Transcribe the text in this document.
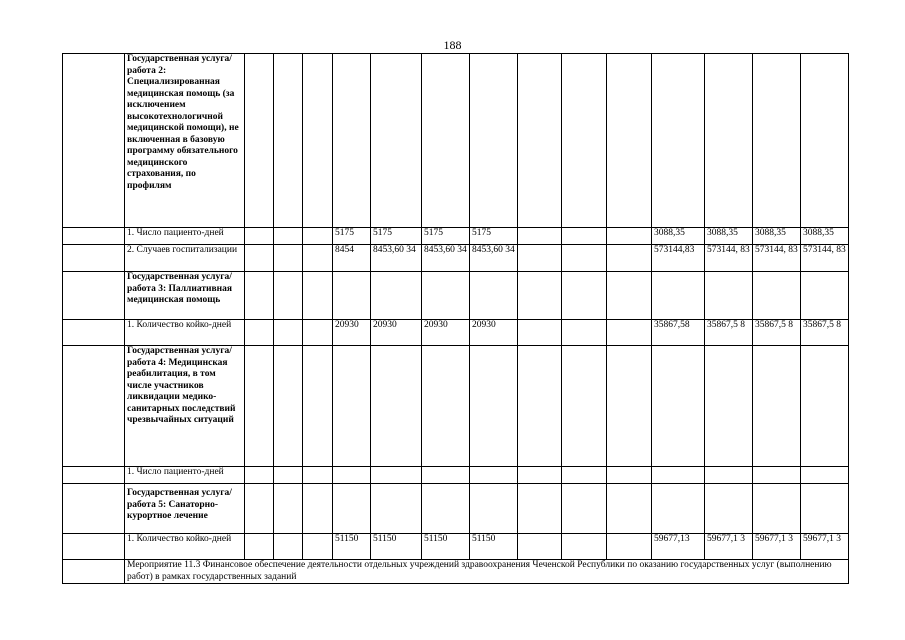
188
	Государственная услуга/работа 2: Специализированная медицинская помощь (за исключением высокотехнологичной медицинской помощи), не включенная в базовую программу обязательного медицинского страхования, по профилям														
	1. Число пациенто-дней				5175	5175	5175	5175				3088,35	3088,35	3088,35	3088,35
	2. Случаев госпитализации				8454	8453,60 34	8453,60 34	8453,60 34				573144,83	573144, 83	573144, 83	573144, 83
	Государственная услуга/работа 3: Паллиативная медицинская помощь														
	1. Количество койко-дней				20930	20930	20930	20930				35867,58	35867,5 8	35867,5 8	35867,5 8
	Государственная услуга/работа 4: Медицинская реабилитация, в том числе участников ликвидации медико-санитарных последствий чрезвычайных ситуаций														
	1. Число пациенто-дней														
	Государственная услуга/работа 5: Санаторно-курортное лечение														
	1. Количество койко-дней				51150	51150	51150	51150				59677,13	59677,1 3	59677,1 3	59677,1 3
	Мероприятие 11.3 Финансовое обеспечение деятельности отдельных учреждений здравоохранения Чеченской Республики по оказанию государственных услуг (выполнению работ) в рамках государственных заданий														
